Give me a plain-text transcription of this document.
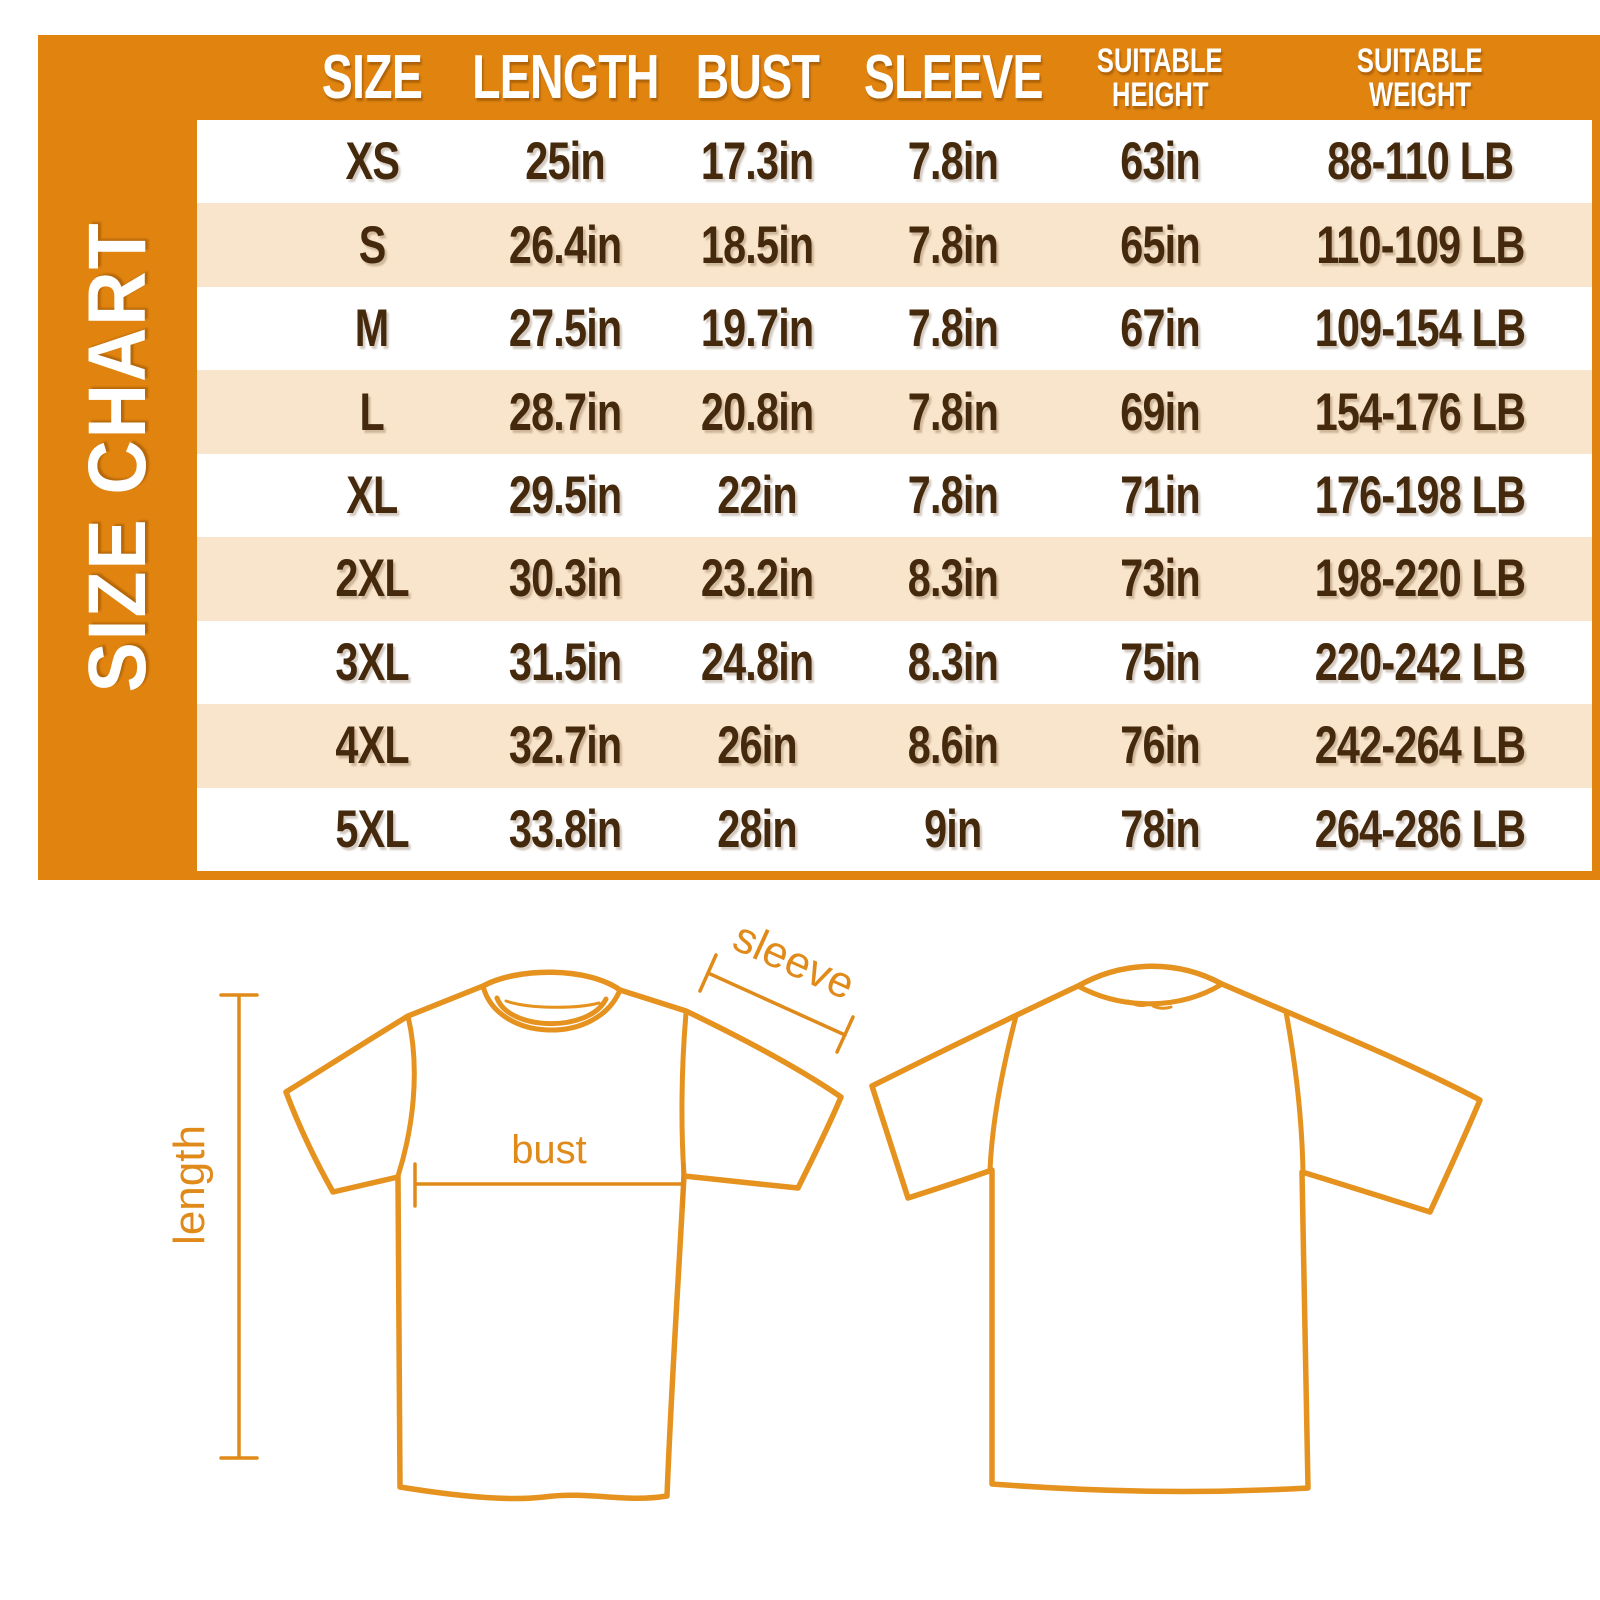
SIZE CHART
SIZE LENGTH BUST SLEEVE SUITABLE
HEIGHT
SUITABLE
WEIGHT
XS 25in 17.3in 7.8in 63in 88-110 LB
S 26.4in 18.5in 7.8in 65in 110-109 LB
M 27.5in 19.7in 7.8in 67in 109-154 LB
L 28.7in 20.8in 7.8in 69in 154-176 LB
XL 29.5in 22in 7.8in 71in 176-198 LB
2XL 30.3in 23.2in 8.3in 73in 198-220 LB
3XL 31.5in 24.8in 8.3in 75in 220-242 LB
4XL 32.7in 26in 8.6in 76in 242-264 LB
5XL 33.8in 28in 9in	78in 264-286 LB
length	bust
sleeve
